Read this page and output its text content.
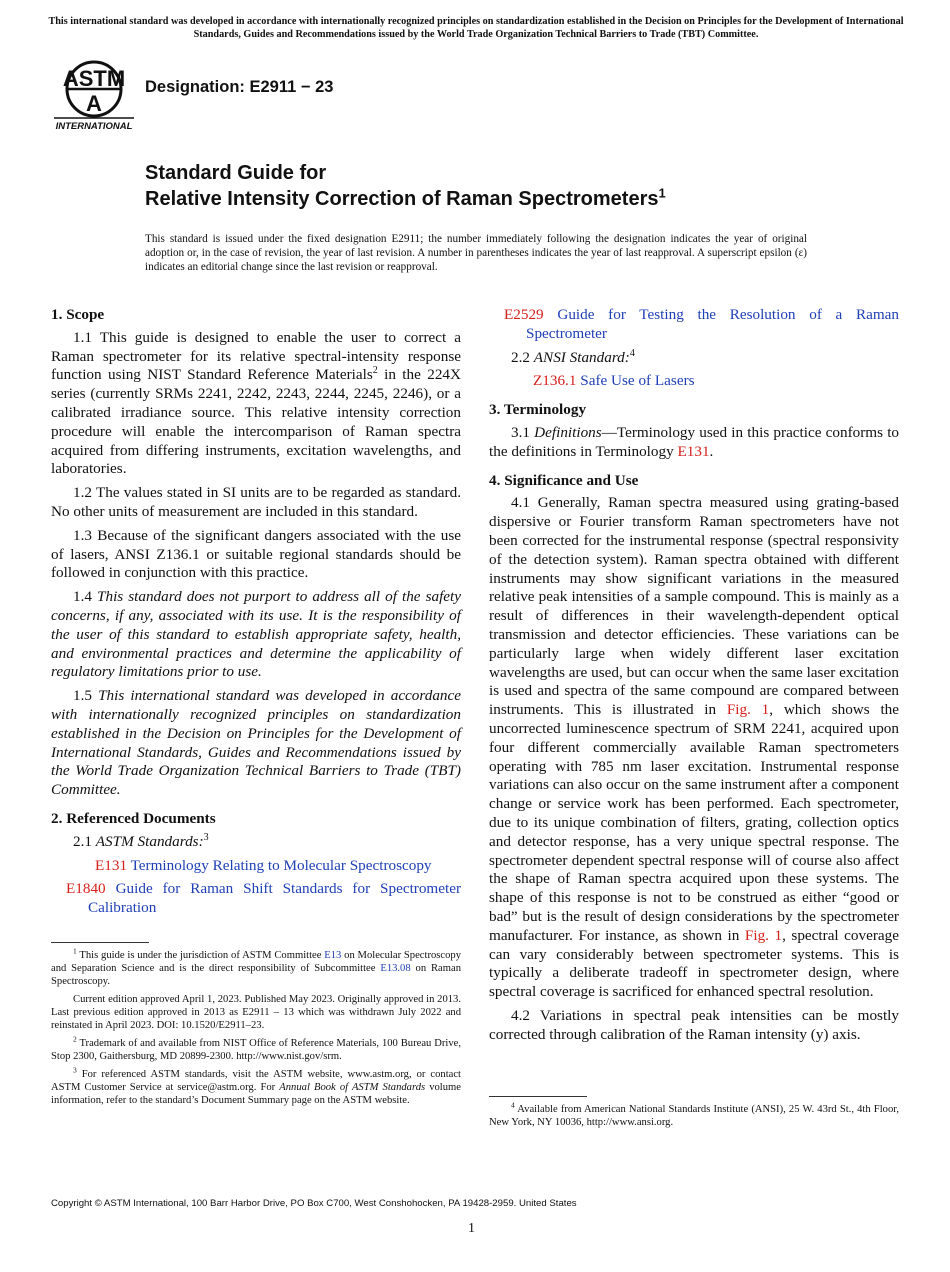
This international standard was developed in accordance with internationally recognized principles on standardization established in the Decision on Principles for the Development of International Standards, Guides and Recommendations issued by the World Trade Organization Technical Barriers to Trade (TBT) Committee.
ASTM
A
INTERNATIONAL
Designation: E2911 − 23
Standard Guide for
Relative Intensity Correction of Raman Spectrometers$^1$
This standard is issued under the fixed designation E2911; the number immediately following the designation indicates the year of original adoption or, in the case of revision, the year of last revision. A number in parentheses indicates the year of last reapproval. A superscript epsilon (ε) indicates an editorial change since the last revision or reapproval.
1. Scope

1.1 This guide is designed to enable the user to correct a Raman spectrometer for its relative spectral-intensity response function using NIST Standard Reference Materials$^2$ in the 224X series (currently SRMs 2241, 2242, 2243, 2244, 2245, 2246), or a calibrated irradiance source. This relative intensity correction procedure will enable the intercomparison of Raman spectra acquired from differing instruments, excitation wavelengths, and laboratories.

1.2 The values stated in SI units are to be regarded as standard. No other units of measurement are included in this standard.

1.3 Because of the significant dangers associated with the use of lasers, ANSI Z136.1 or suitable regional standards should be followed in conjunction with this practice.

1.4 This standard does not purport to address all of the safety concerns, if any, associated with its use. It is the responsibility of the user of this standard to establish appropriate safety, health, and environmental practices and determine the applicability of regulatory limitations prior to use.

1.5 This international standard was developed in accordance with internationally recognized principles on standardization established in the Decision on Principles for the Development of International Standards, Guides and Recommendations issued by the World Trade Organization Technical Barriers to Trade (TBT) Committee.

2. Referenced Documents

2.1 ASTM Standards:$^3$

E131 Terminology Relating to Molecular Spectroscopy

E1840 Guide for Raman Shift Standards for Spectrometer Calibration

$^1$ This guide is under the jurisdiction of ASTM Committee E13 on Molecular Spectroscopy and Separation Science and is the direct responsibility of Subcommittee E13.08 on Raman Spectroscopy.

Current edition approved April 1, 2023. Published May 2023. Originally approved in 2013. Last previous edition approved in 2013 as E2911 – 13 which was withdrawn July 2022 and reinstated in April 2023. DOI: 10.1520/E2911–23.

$^2$ Trademark of and available from NIST Office of Reference Materials, 100 Bureau Drive, Stop 2300, Gaithersburg, MD 20899-2300. http://www.nist.gov/srm.

$^3$ For referenced ASTM standards, visit the ASTM website, www.astm.org, or contact ASTM Customer Service at service@astm.org. For Annual Book of ASTM Standards volume information, refer to the standard’s Document Summary page on the ASTM website.

E2529 Guide for Testing the Resolution of a Raman Spectrometer

2.2 ANSI Standard:$^4$

Z136.1 Safe Use of Lasers

3. Terminology

3.1 Definitions—Terminology used in this practice conforms to the definitions in Terminology E131.

4. Significance and Use

4.1 Generally, Raman spectra measured using grating-based dispersive or Fourier transform Raman spectrometers have not been corrected for the instrumental response (spectral responsivity of the detection system). Raman spectra obtained with different instruments may show significant variations in the measured relative peak intensities of a sample compound. This is mainly as a result of differences in their wavelength-dependent optical transmission and detector efficiencies. These variations can be particularly large when widely different laser excitation wavelengths are used, but can occur when the same laser excitation is used and spectra of the same compound are compared between instruments. This is illustrated in Fig. 1, which shows the uncorrected luminescence spectrum of SRM 2241, acquired upon four different commercially available Raman spectrometers operating with 785 nm laser excitation. Instrumental response variations can also occur on the same instrument after a component change or service work has been performed. Each spectrometer, due to its unique combination of filters, grating, collection optics and detector response, has a very unique spectral response. The spectrometer dependent spectral response will of course also affect the shape of Raman spectra acquired upon these systems. The shape of this response is not to be construed as either “good or bad” but is the result of design considerations by the spectrometer manufacturer. For instance, as shown in Fig. 1, spectral coverage can vary considerably between spectrometer systems. This is typically a deliberate tradeoff in spectrometer design, where spectral coverage is sacrificed for enhanced spectral resolution.

4.2 Variations in spectral peak intensities can be mostly corrected through calibration of the Raman intensity (y) axis.

$^4$ Available from American National Standards Institute (ANSI), 25 W. 43rd St., 4th Floor, New York, NY 10036, http://www.ansi.org.

Copyright © ASTM International, 100 Barr Harbor Drive, PO Box C700, West Conshohocken, PA 19428-2959. United States
1
